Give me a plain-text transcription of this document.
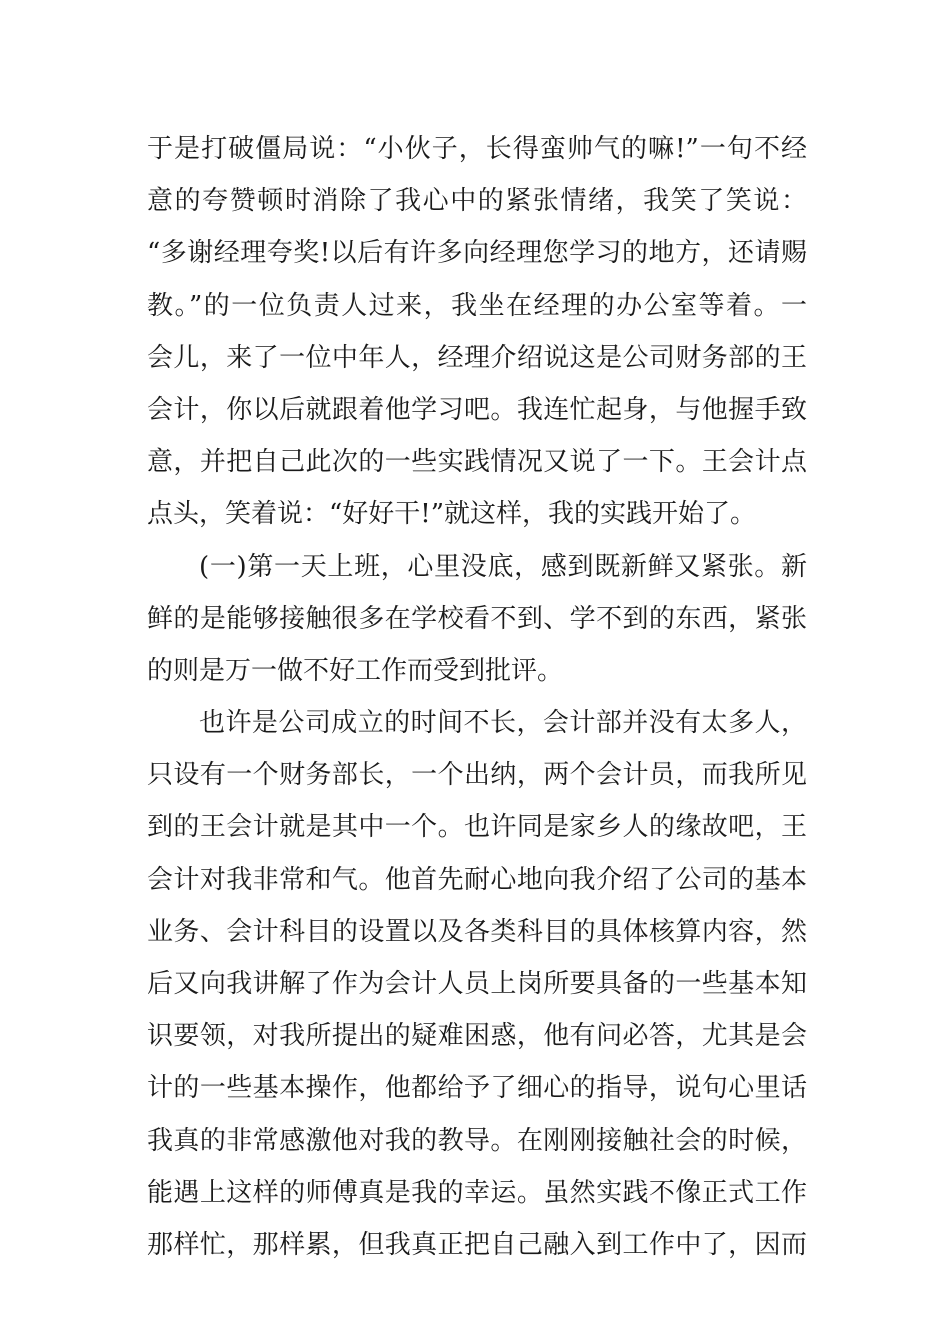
于是打破僵局说：“小伙子，长得蛮帅气的嘛!”一句不经
意的夸赞顿时消除了我心中的紧张情绪，我笑了笑说：
“多谢经理夸奖!以后有许多向经理您学习的地方，还请赐
教。”的一位负责人过来，我坐在经理的办公室等着。一
会儿，来了一位中年人，经理介绍说这是公司财务部的王
会计，你以后就跟着他学习吧。我连忙起身，与他握手致
意，并把自己此次的一些实践情况又说了一下。王会计点
点头，笑着说：“好好干!”就这样，我的实践开始了。
(一)第一天上班，心里没底，感到既新鲜又紧张。新
鲜的是能够接触很多在学校看不到、学不到的东西，紧张
的则是万一做不好工作而受到批评。
也许是公司成立的时间不长，会计部并没有太多人，
只设有一个财务部长，一个出纳，两个会计员，而我所见
到的王会计就是其中一个。也许同是家乡人的缘故吧，王
会计对我非常和气。他首先耐心地向我介绍了公司的基本
业务、会计科目的设置以及各类科目的具体核算内容，然
后又向我讲解了作为会计人员上岗所要具备的一些基本知
识要领，对我所提出的疑难困惑，他有问必答，尤其是会
计的一些基本操作，他都给予了细心的指导，说句心里话
我真的非常感激他对我的教导。在刚刚接触社会的时候，
能遇上这样的师傅真是我的幸运。虽然实践不像正式工作
那样忙，那样累，但我真正把自己融入到工作中了，因而
